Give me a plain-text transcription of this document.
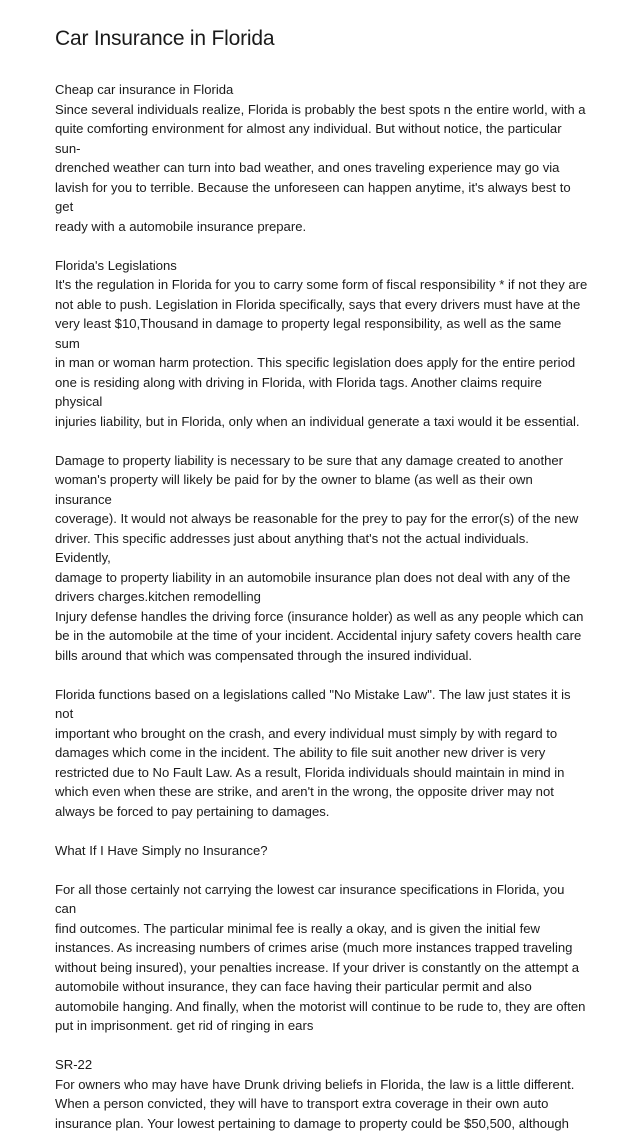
Car Insurance in Florida

Cheap car insurance in Florida
Since several individuals realize, Florida is probably the best spots n the entire world, with a
quite comforting environment for almost any individual. But without notice, the particular sun-
drenched weather can turn into bad weather, and ones traveling experience may go via
lavish for you to terrible. Because the unforeseen can happen anytime, it's always best to get
ready with a automobile insurance prepare.

Florida's Legislations
It's the regulation in Florida for you to carry some form of fiscal responsibility * if not they are
not able to push. Legislation in Florida specifically, says that every drivers must have at the
very least $10,Thousand in damage to property legal responsibility, as well as the same sum
in man or woman harm protection. This specific legislation does apply for the entire period
one is residing along with driving in Florida, with Florida tags. Another claims require physical
injuries liability, but in Florida, only when an individual generate a taxi would it be essential.

Damage to property liability is necessary to be sure that any damage created to another
woman's property will likely be paid for by the owner to blame (as well as their own insurance
coverage). It would not always be reasonable for the prey to pay for the error(s) of the new
driver. This specific addresses just about anything that's not the actual individuals. Evidently,
damage to property liability in an automobile insurance plan does not deal with any of the
drivers charges.kitchen remodelling
Injury defense handles the driving force (insurance holder) as well as any people which can
be in the automobile at the time of your incident. Accidental injury safety covers health care
bills around that which was compensated through the insured individual.

Florida functions based on a legislations called "No Mistake Law". The law just states it is not
important who brought on the crash, and every individual must simply by with regard to
damages which come in the incident. The ability to file suit another new driver is very
restricted due to No Fault Law. As a result, Florida individuals should maintain in mind in
which even when these are strike, and aren't in the wrong, the opposite driver may not
always be forced to pay pertaining to damages.

What If I Have Simply no Insurance?

For all those certainly not carrying the lowest car insurance specifications in Florida, you can
find outcomes. The particular minimal fee is really a okay, and is given the initial few
instances. As increasing numbers of crimes arise (much more instances trapped traveling
without being insured), your penalties increase. If your driver is constantly on the attempt a
automobile without insurance, they can face having their particular permit and also
automobile hanging. And finally, when the motorist will continue to be rude to, they are often
put in imprisonment. get rid of ringing in ears

SR-22
For owners who may have have Drunk driving beliefs in Florida, the law is a little different.
When a person convicted, they will have to transport extra coverage in their own auto
insurance plan. Your lowest pertaining to damage to property could be $50,500, although
